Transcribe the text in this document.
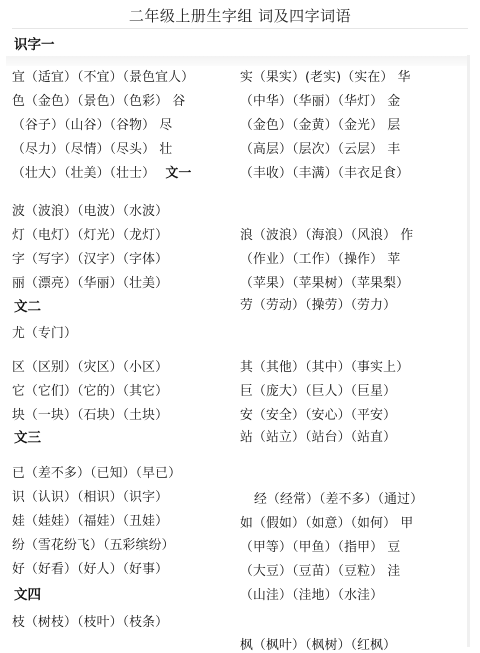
二年级上册生字组 词及四字词语
识字一
宜（适宜）（不宜）（景色宜人）
色（金色）（景色）（色彩） 谷
（谷子）（山谷）（谷物） 尽
（尽力）（尽情）（尽头） 壮
（壮大）（壮美）（壮士） 文一
波（波浪）（电波）（水波）
灯（电灯）（灯光）（龙灯）
字（写字）（汉字）（字体）
丽（漂亮）（华丽）（壮美）
文二
尤（专门）
区（区别）（灾区）（小区）
它（它们）（它的）（其它）
块（一块）（石块）（土块）
文三
已（差不多）（已知）（早已）
识（认识）（相识）（识字）
娃（娃娃）（福娃）（丑娃）
纷（雪花纷飞）（五彩缤纷）
好（好看）（好人）（好事）
文四
枝（树枝）（枝叶）（枝条）
实（果实）(老实)（实在） 华
（中华）（华丽）（华灯） 金
（金色）（金黄）（金光） 层
（高层）（层次）（云层） 丰
（丰收）（丰满）（丰衣足食）
浪（波浪）（海浪）（风浪） 作
（作业）（工作）（操作） 苹
（苹果）（苹果树）（苹果梨）
劳（劳动）（操劳）（劳力）
其（其他）（其中）（事实上）
巨（庞大）（巨人）（巨星）
安（安全）（安心）（平安）
站（站立）（站台）（站直）
经（经常）（差不多）（通过）
如（假如）（如意）（如何） 甲
（甲等）（甲鱼）（指甲） 豆
（大豆）（豆苗）（豆粒） 洼
（山洼）（洼地）（水洼）
枫（枫叶）（枫树）（红枫）
